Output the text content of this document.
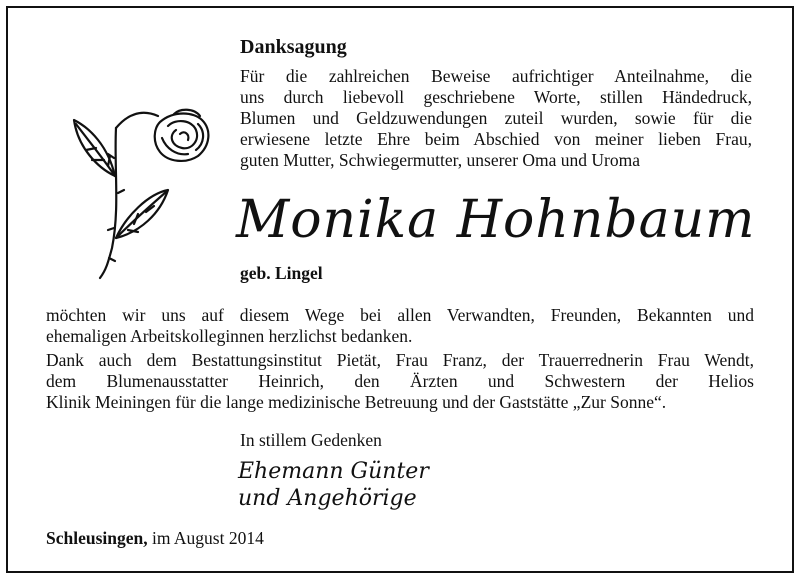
Danksagung
Für die zahlreichen Beweise aufrichtiger Anteilnahme, die
uns durch liebevoll geschriebene Worte, stillen Händedruck,
Blumen und Geldzuwendungen zuteil wurden, sowie für die
erwiesene letzte Ehre beim Abschied von meiner lieben Frau,
guten Mutter, Schwiegermutter, unserer Oma und Uroma
Monika Hohnbaum
geb. Lingel
möchten wir uns auf diesem Wege bei allen Verwandten, Freunden, Bekannten und
ehemaligen Arbeitskolleginnen herzlichst bedanken.
Dank auch dem Bestattungsinstitut Pietät, Frau Franz, der Trauerrednerin Frau Wendt,
dem Blumenausstatter Heinrich, den Ärzten und Schwestern der Helios
Klinik Meiningen für die lange medizinische Betreuung und der Gaststätte „Zur Sonne“.
In stillem Gedenken
Ehemann Günter
und Angehörige
Schleusingen, im August 2014
